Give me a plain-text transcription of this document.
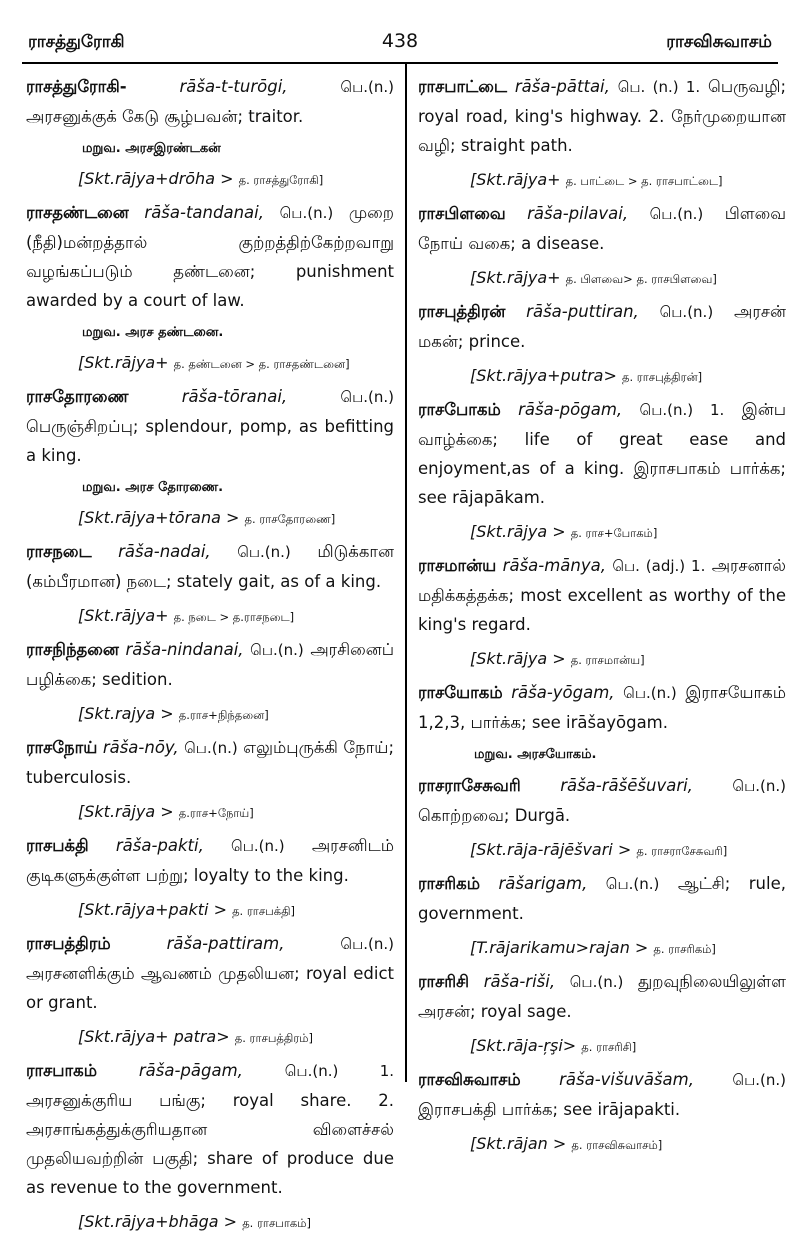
ராசத்துரோகி	438	ராசவிசுவாசம்
ராசத்துரோகி-	rāša-t-turōgi,	பெ.(n.) அரசனுக்குக் கேடு சூழ்பவன்; traitor.
மறுவ. அரசஇரண்டகன்
[Skt.rājya+drōha > த. ராசத்துரோகி]
ராசதண்டனை rāša-tandanai, பெ.(n.) முறை (நீதி)மன்றத்தால் குற்றத்திற்கேற்றவாறு வழங்கப்படும் தண்டனை; punishment awarded by a court of law.
மறுவ. அரச தண்டனை.
[Skt.rājya+ த. தண்டனை > த. ராசதண்டனை]
ராசதோரணை	rāša-tōranai,	பெ.(n.) பெருஞ்சிறப்பு; splendour, pomp, as befitting a king.
மறுவ. அரச தோரணை.
[Skt.rājya+tōrana > த. ராசதோரணை]
ராசநடை rāša-nadai, பெ.(n.) மிடுக்கான (கம்பீரமான) நடை; stately gait, as of a king.
[Skt.rājya+ த. நடை > த.ராசநடை]
ராசநிந்தனை rāša-nindanai, பெ.(n.) அரசினைப் பழிக்கை; sedition.
[Skt.rajya > த.ராச+நிந்தனை]
ராசநோய் rāša-nōy, பெ.(n.) எலும்புருக்கி நோய்; tuberculosis.
[Skt.rājya > த.ராச+நோய்]
ராசபக்தி rāša-pakti, பெ.(n.) அரசனிடம் குடிகளுக்குள்ள பற்று; loyalty to the king.
[Skt.rājya+pakti > த. ராசபக்தி]
ராசபத்திரம்	rāša-pattiram,	பெ.(n.) அரசனளிக்கும் ஆவணம் முதலியன; royal edict or grant.
[Skt.rājya+ patra> த. ராசபத்திரம்]
ராசபாகம்	rāša-pāgam,	பெ.(n.) 1. அரசனுக்குரிய பங்கு; royal share. 2. அரசாங்கத்துக்குரியதான விளைச்சல் முதலியவற்றின் பகுதி; share of produce due as revenue to the government.
[Skt.rājya+bhāga > த. ராசபாகம்]
ராசபாட்டை rāša-pāttai, பெ. (n.) 1. பெருவழி; royal road, king's highway. 2. நேர்முறையான வழி; straight path.
[Skt.rājya+ த. பாட்டை > த. ராசபாட்டை]
ராசபிளவை rāša-pilavai, பெ.(n.) பிளவை நோய் வகை; a disease.
[Skt.rājya+ த. பிளவை> த. ராசபிளவை]
ராசபுத்திரன் rāša-puttiran, பெ.(n.) அரசன் மகன்; prince.
[Skt.rājya+putra> த. ராசபுத்திரன்]
ராசபோகம் rāša-pōgam, பெ.(n.) 1. இன்ப வாழ்க்கை; life of great ease and enjoyment,as of a king. இராசபாகம் பார்க்க; see rājapākam.
[Skt.rājya > த. ராச+போகம்]
ராசமான்ய rāša-mānya, பெ. (adj.) 1. அரசனால் மதிக்கத்தக்க; most excellent as worthy of the king's regard.
[Skt.rājya > த. ராசமான்ய]
ராசயோகம் rāša-yōgam, பெ.(n.) இராசயோகம் 1,2,3, பார்க்க; see irāšayōgam.
மறுவ. அரசயோகம்.
ராசராசேசுவரி rāša-rāšēšuvari,	பெ.(n.) கொற்றவை; Durgā.
[Skt.rāja-rājēšvari > த. ராசராசேசுவரி]
ராசரிகம் rāšarigam, பெ.(n.) ஆட்சி; rule, government.
[T.rājarikamu>rajan > த. ராசரிகம்]
ராசரிசி rāša-riši, பெ.(n.) துறவுநிலையிலுள்ள அரசன்; royal sage.
[Skt.rāja-ŗşi> த. ராசரிசி]
ராசவிசுவாசம் rāša-višuvāšam,	பெ.(n.) இராசபக்தி பார்க்க; see irājapakti.
[Skt.rājan > த. ராசவிசுவாசம்]
